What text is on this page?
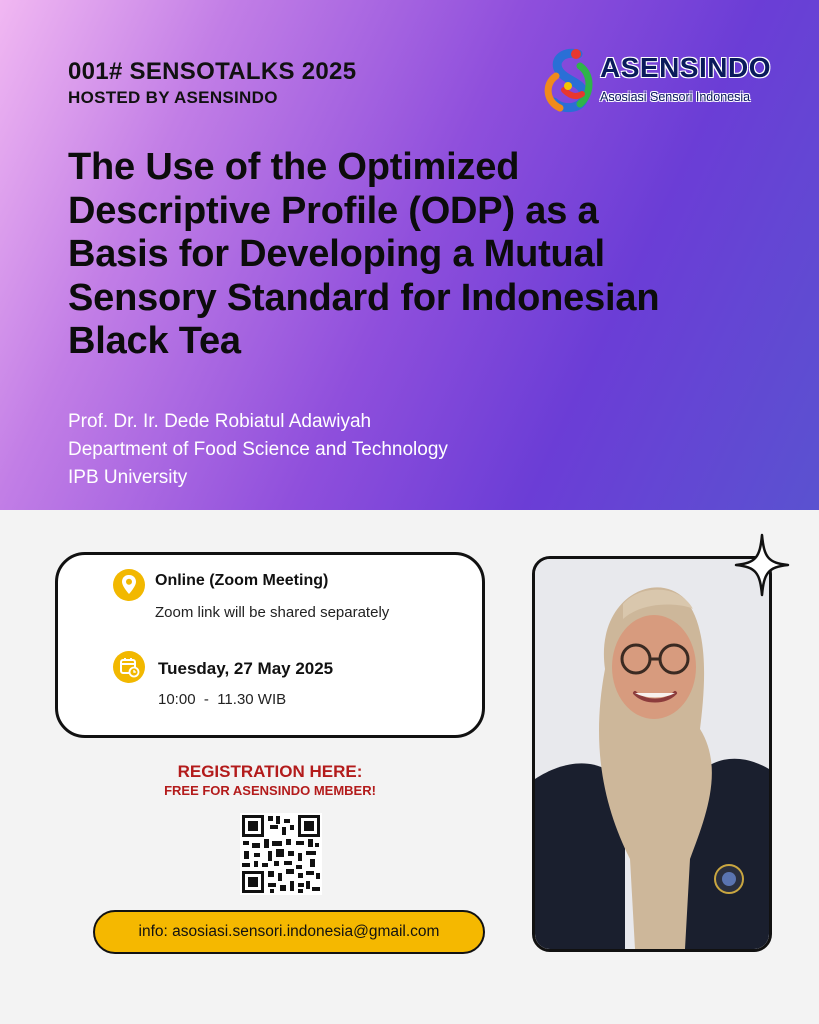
001# SENSOTALKS 2025
HOSTED BY ASENSINDO
ASENSINDO
Asosiasi Sensori Indonesia
The Use of the Optimized
Descriptive Profile (ODP) as a
Basis for Developing a Mutual
Sensory Standard for Indonesian
Black Tea
Prof. Dr. Ir. Dede Robiatul Adawiyah
Department of Food Science and Technology
IPB University
Online (Zoom Meeting)
Zoom link will be shared separately
Tuesday, 27 May 2025
10:00  -  11.30 WIB
REGISTRATION HERE:
FREE FOR ASENSINDO MEMBER!
info: asosiasi.sensori.indonesia@gmail.com
